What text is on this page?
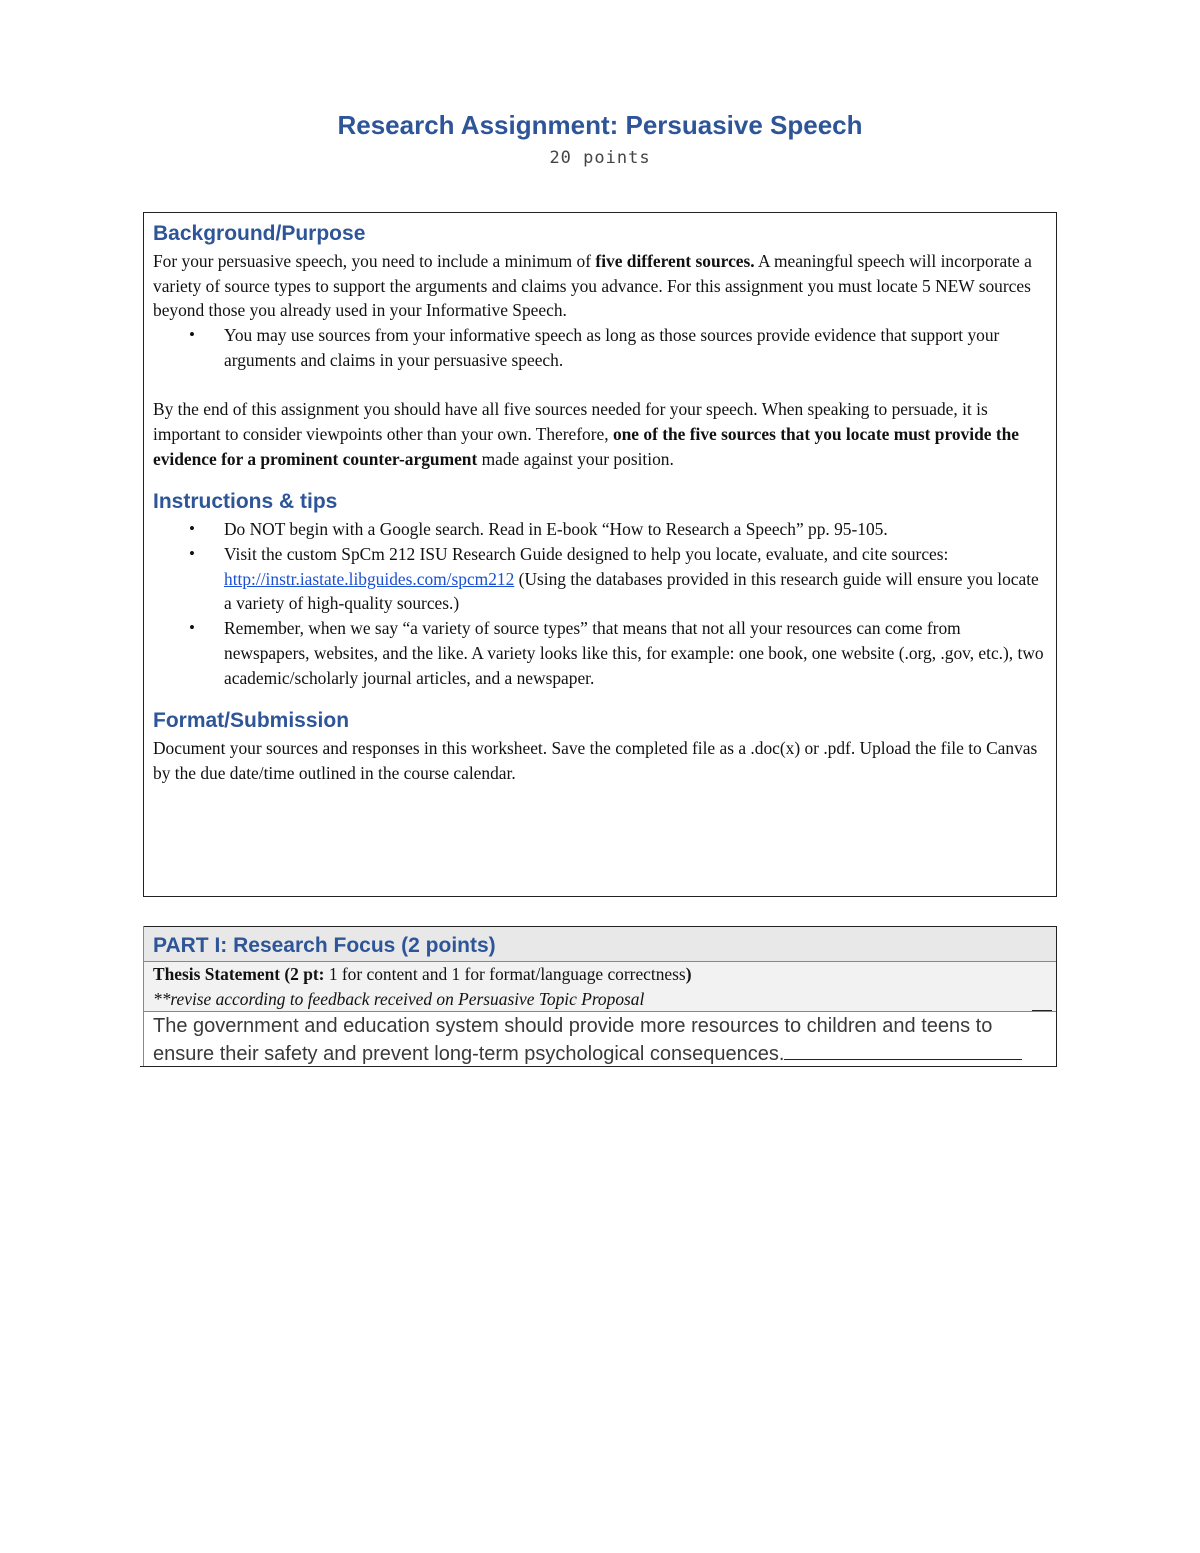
Research Assignment: Persuasive Speech
20 points
Background/Purpose

For your persuasive speech, you need to include a minimum of five different sources. A meaningful speech will incorporate a variety of source types to support the arguments and claims you advance. For this assignment you must locate 5 NEW sources beyond those you already used in your Informative Speech.

• You may use sources from your informative speech as long as those sources provide evidence that support your arguments and claims in your persuasive speech.

By the end of this assignment you should have all five sources needed for your speech. When speaking to persuade, it is important to consider viewpoints other than your own. Therefore, one of the five sources that you locate must provide the evidence for a prominent counter-argument made against your position.

Instructions & tips
• Do NOT begin with a Google search. Read in E-book “How to Research a Speech” pp. 95-105.
• Visit the custom SpCm 212 ISU Research Guide designed to help you locate, evaluate, and cite sources: http://instr.iastate.libguides.com/spcm212 (Using the databases provided in this research guide will ensure you locate a variety of high-quality sources.)
• Remember, when we say “a variety of source types” that means that not all your resources can come from newspapers, websites, and the like. A variety looks like this, for example: one book, one website (.org, .gov, etc.), two academic/scholarly journal articles, and a newspaper.
Format/Submission

Document your sources and responses in this worksheet. Save the completed file as a .doc(x) or .pdf. Upload the file to Canvas by the due date/time outlined in the course calendar.

PART I: Research Focus (2 points)
Thesis Statement (2 pt: 1 for content and 1 for format/language correctness)
**revise according to feedback received on Persuasive Topic Proposal
The government and education system should provide more resources to children and teens to ensure their safety and prevent long-term psychological consequences.
